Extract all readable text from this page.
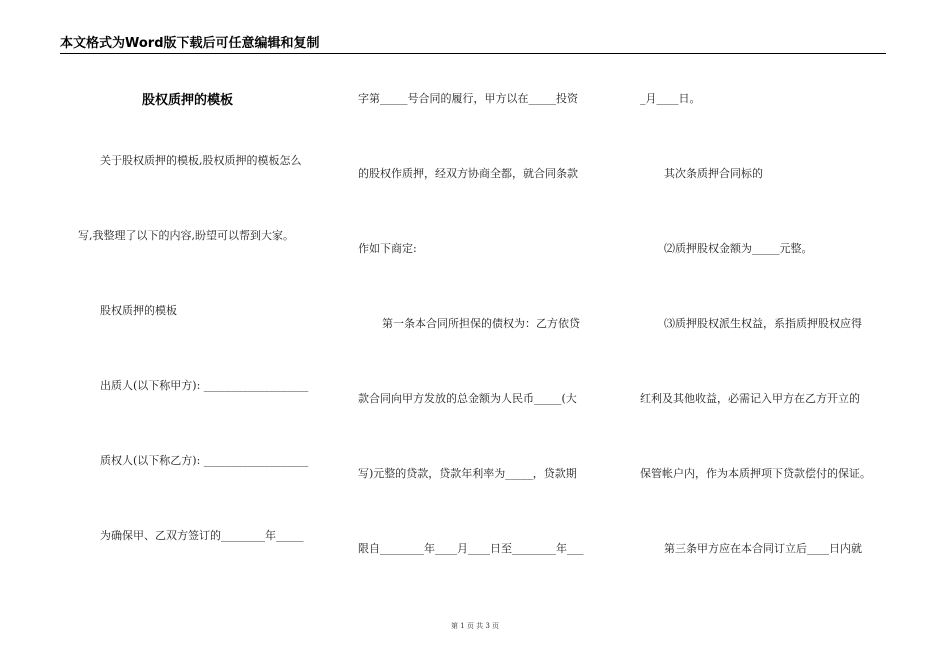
本文格式为Word版下载后可任意编辑和复制
股权质押的模板
关于股权质押的模板,股权质押的模板怎么
写,我整理了以下的内容,盼望可以帮到大家。
股权质押的模板
出质人(以下称甲方): ___________________
质权人(以下称乙方): ___________________
为确保甲、乙双方签订的________年_____
字第_____号合同的履行，甲方以在_____投资
的股权作质押，经双方协商全都，就合同条款
作如下商定:
第一条本合同所担保的债权为：乙方依贷
款合同向甲方发放的总金额为人民币_____(大
写)元整的贷款，贷款年利率为_____，贷款期
限自________年____月____日至________年___
_月____日。
其次条质押合同标的
⑵质押股权金额为_____元整。
⑶质押股权派生权益，系指质押股权应得
红利及其他收益，必需记入甲方在乙方开立的
保管帐户内，作为本质押项下贷款偿付的保证。
第三条甲方应在本合同订立后____日内就
第 1 页 共 3 页
